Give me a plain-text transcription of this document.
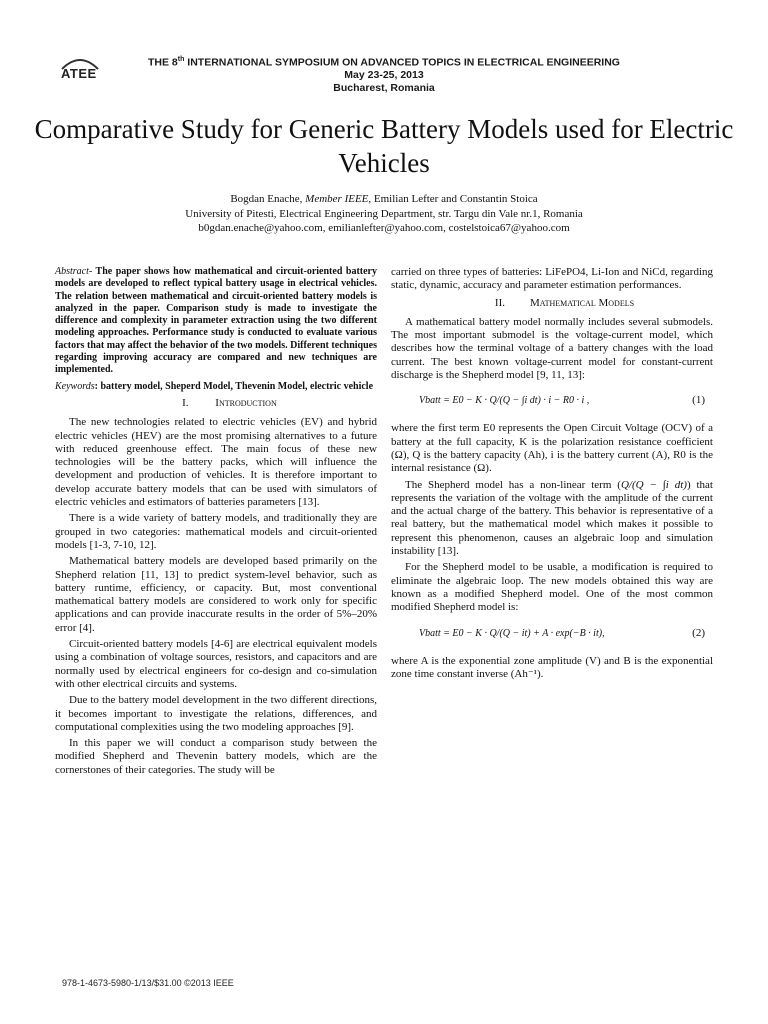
ATEE
THE 8th INTERNATIONAL SYMPOSIUM ON ADVANCED TOPICS IN ELECTRICAL ENGINEERING
May 23-25, 2013
Bucharest, Romania
Comparative Study for Generic Battery Models used for Electric Vehicles
Bogdan Enache, Member IEEE, Emilian Lefter and Constantin Stoica
University of Pitesti, Electrical Engineering Department, str. Targu din Vale nr.1, Romania
b0gdan.enache@yahoo.com, emilianlefter@yahoo.com, costelstoica67@yahoo.com

Abstract- The paper shows how mathematical and circuit-oriented battery models are developed to reflect typical battery usage in electrical vehicles. The relation between mathematical and circuit-oriented battery models is analyzed in the paper. Comparison study is made to investigate the difference and complexity in parameter extraction using the two different modeling approaches. Performance study is conducted to evaluate various factors that may affect the behavior of the two models. Different techniques regarding improving accuracy are compared and new techniques are implemented.

Keywords: battery model, Sheperd Model, Thevenin Model, electric vehicle

I. Introduction

The new technologies related to electric vehicles (EV) and hybrid electric vehicles (HEV) are the most promising alternatives to a future with reduced greenhouse effect. The main focus of these new technologies will be the battery packs, which will influence the development and production of vehicles. It is therefore important to develop accurate battery models that can be used with simulators of electric vehicles and estimators of batteries parameters [13].

There is a wide variety of battery models, and traditionally they are grouped in two categories: mathematical models and circuit-oriented models [1-3, 7-10, 12].

Mathematical battery models are developed based primarily on the Shepherd relation [11, 13] to predict system-level behavior, such as battery runtime, efficiency, or capacity. But, most conventional mathematical battery models are considered to work only for specific applications and can provide inaccurate results in the order of 5%–20% error [4].

Circuit-oriented battery models [4-6] are electrical equivalent models using a combination of voltage sources, resistors, and capacitors and are normally used by electrical engineers for co-design and co-simulation with other electrical circuits and systems.

Due to the battery model development in the two different directions, it becomes important to investigate the relations, differences, and computational complexities using the two modeling approaches [9].

In this paper we will conduct a comparison study between the modified Shepherd and Thevenin battery models, which are the cornerstones of their categories. The study will be

carried on three types of batteries: LiFePO4, Li-Ion and NiCd, regarding static, dynamic, accuracy and parameter estimation performances.

II. Mathematical Models

A mathematical battery model normally includes several submodels. The most important submodel is the voltage-current model, which describes how the terminal voltage of a battery changes with the load current. The best known voltage-current model for constant-current discharge is the Shepherd model [9, 11, 13]:

Vbatt = E0 − K · Q/(Q − ∫i dt) · i − R0 · i ,	(1)

where the first term E0 represents the Open Circuit Voltage (OCV) of a battery at the full capacity, K is the polarization resistance coefficient (Ω), Q is the battery capacity (Ah), i is the battery current (A), R0 is the internal resistance (Ω).

The Shepherd model has a non-linear term (Q/(Q − ∫i dt)) that represents the variation of the voltage with the amplitude of the current and the actual charge of the battery. This behavior is representative of a real battery, but the mathematical model which makes it possible to represent this phenomenon, causes an algebraic loop and simulation instability [13].

For the Shepherd model to be usable, a modification is required to eliminate the algebraic loop. The new models obtained this way are known as a modified Shepherd model. One of the most common modified Shepherd model is:

Vbatt = E0 − K · Q/(Q − it) + A · exp(−B · it),	(2)

where A is the exponential zone amplitude (V) and B is the exponential zone time constant inverse (Ah⁻¹).

978-1-4673-5980-1/13/$31.00 ©2013 IEEE
